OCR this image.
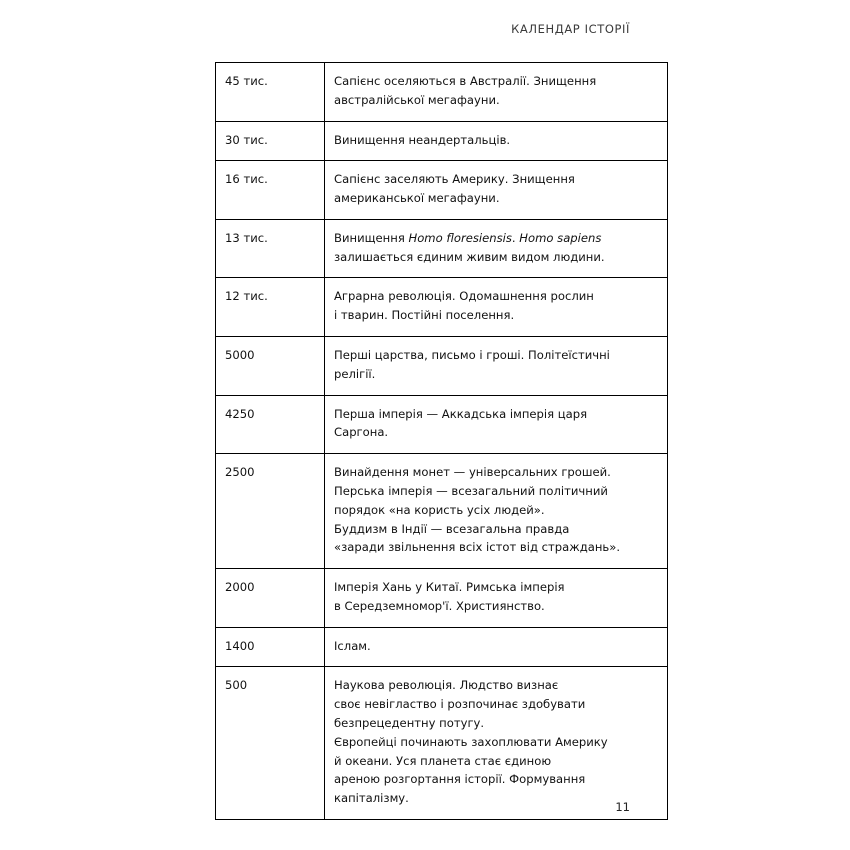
КАЛЕНДАР ІСТОРІЇ
45 тис.	Сапієнс оселяються в Австралії. Знищення
австралійської мегафауни.

30 тис.	Винищення неандертальців.

16 тис.	Сапієнс заселяють Америку. Знищення
американської мегафауни.

13 тис.	Винищення Homo floresiensis. Homo sapiens
залишається єдиним живим видом людини.

12 тис.	Аграрна революція. Одомашнення рослин
і тварин. Постійні поселення.

5000	Перші царства, письмо і гроші. Політеїстичні
релігії.

4250	Перша імперія — Аккадська імперія царя
Саргона.

2500	Винайдення монет — універсальних грошей.
Перська імперія — всезагальний політичний
порядок «на користь усіх людей».
Буддизм в Індії — всезагальна правда
«заради звільнення всіх істот від страждань».

2000	Імперія Хань у Китаї. Римська імперія
в Середземномор'ї. Християнство.

1400	Іслам.

500	Наукова революція. Людство визнає
своє невігластво і розпочинає здобувати
безпрецедентну потугу.
Європейці починають захоплювати Америку
й океани. Уся планета стає єдиною
ареною розгортання історії. Формування
капіталізму.
11
